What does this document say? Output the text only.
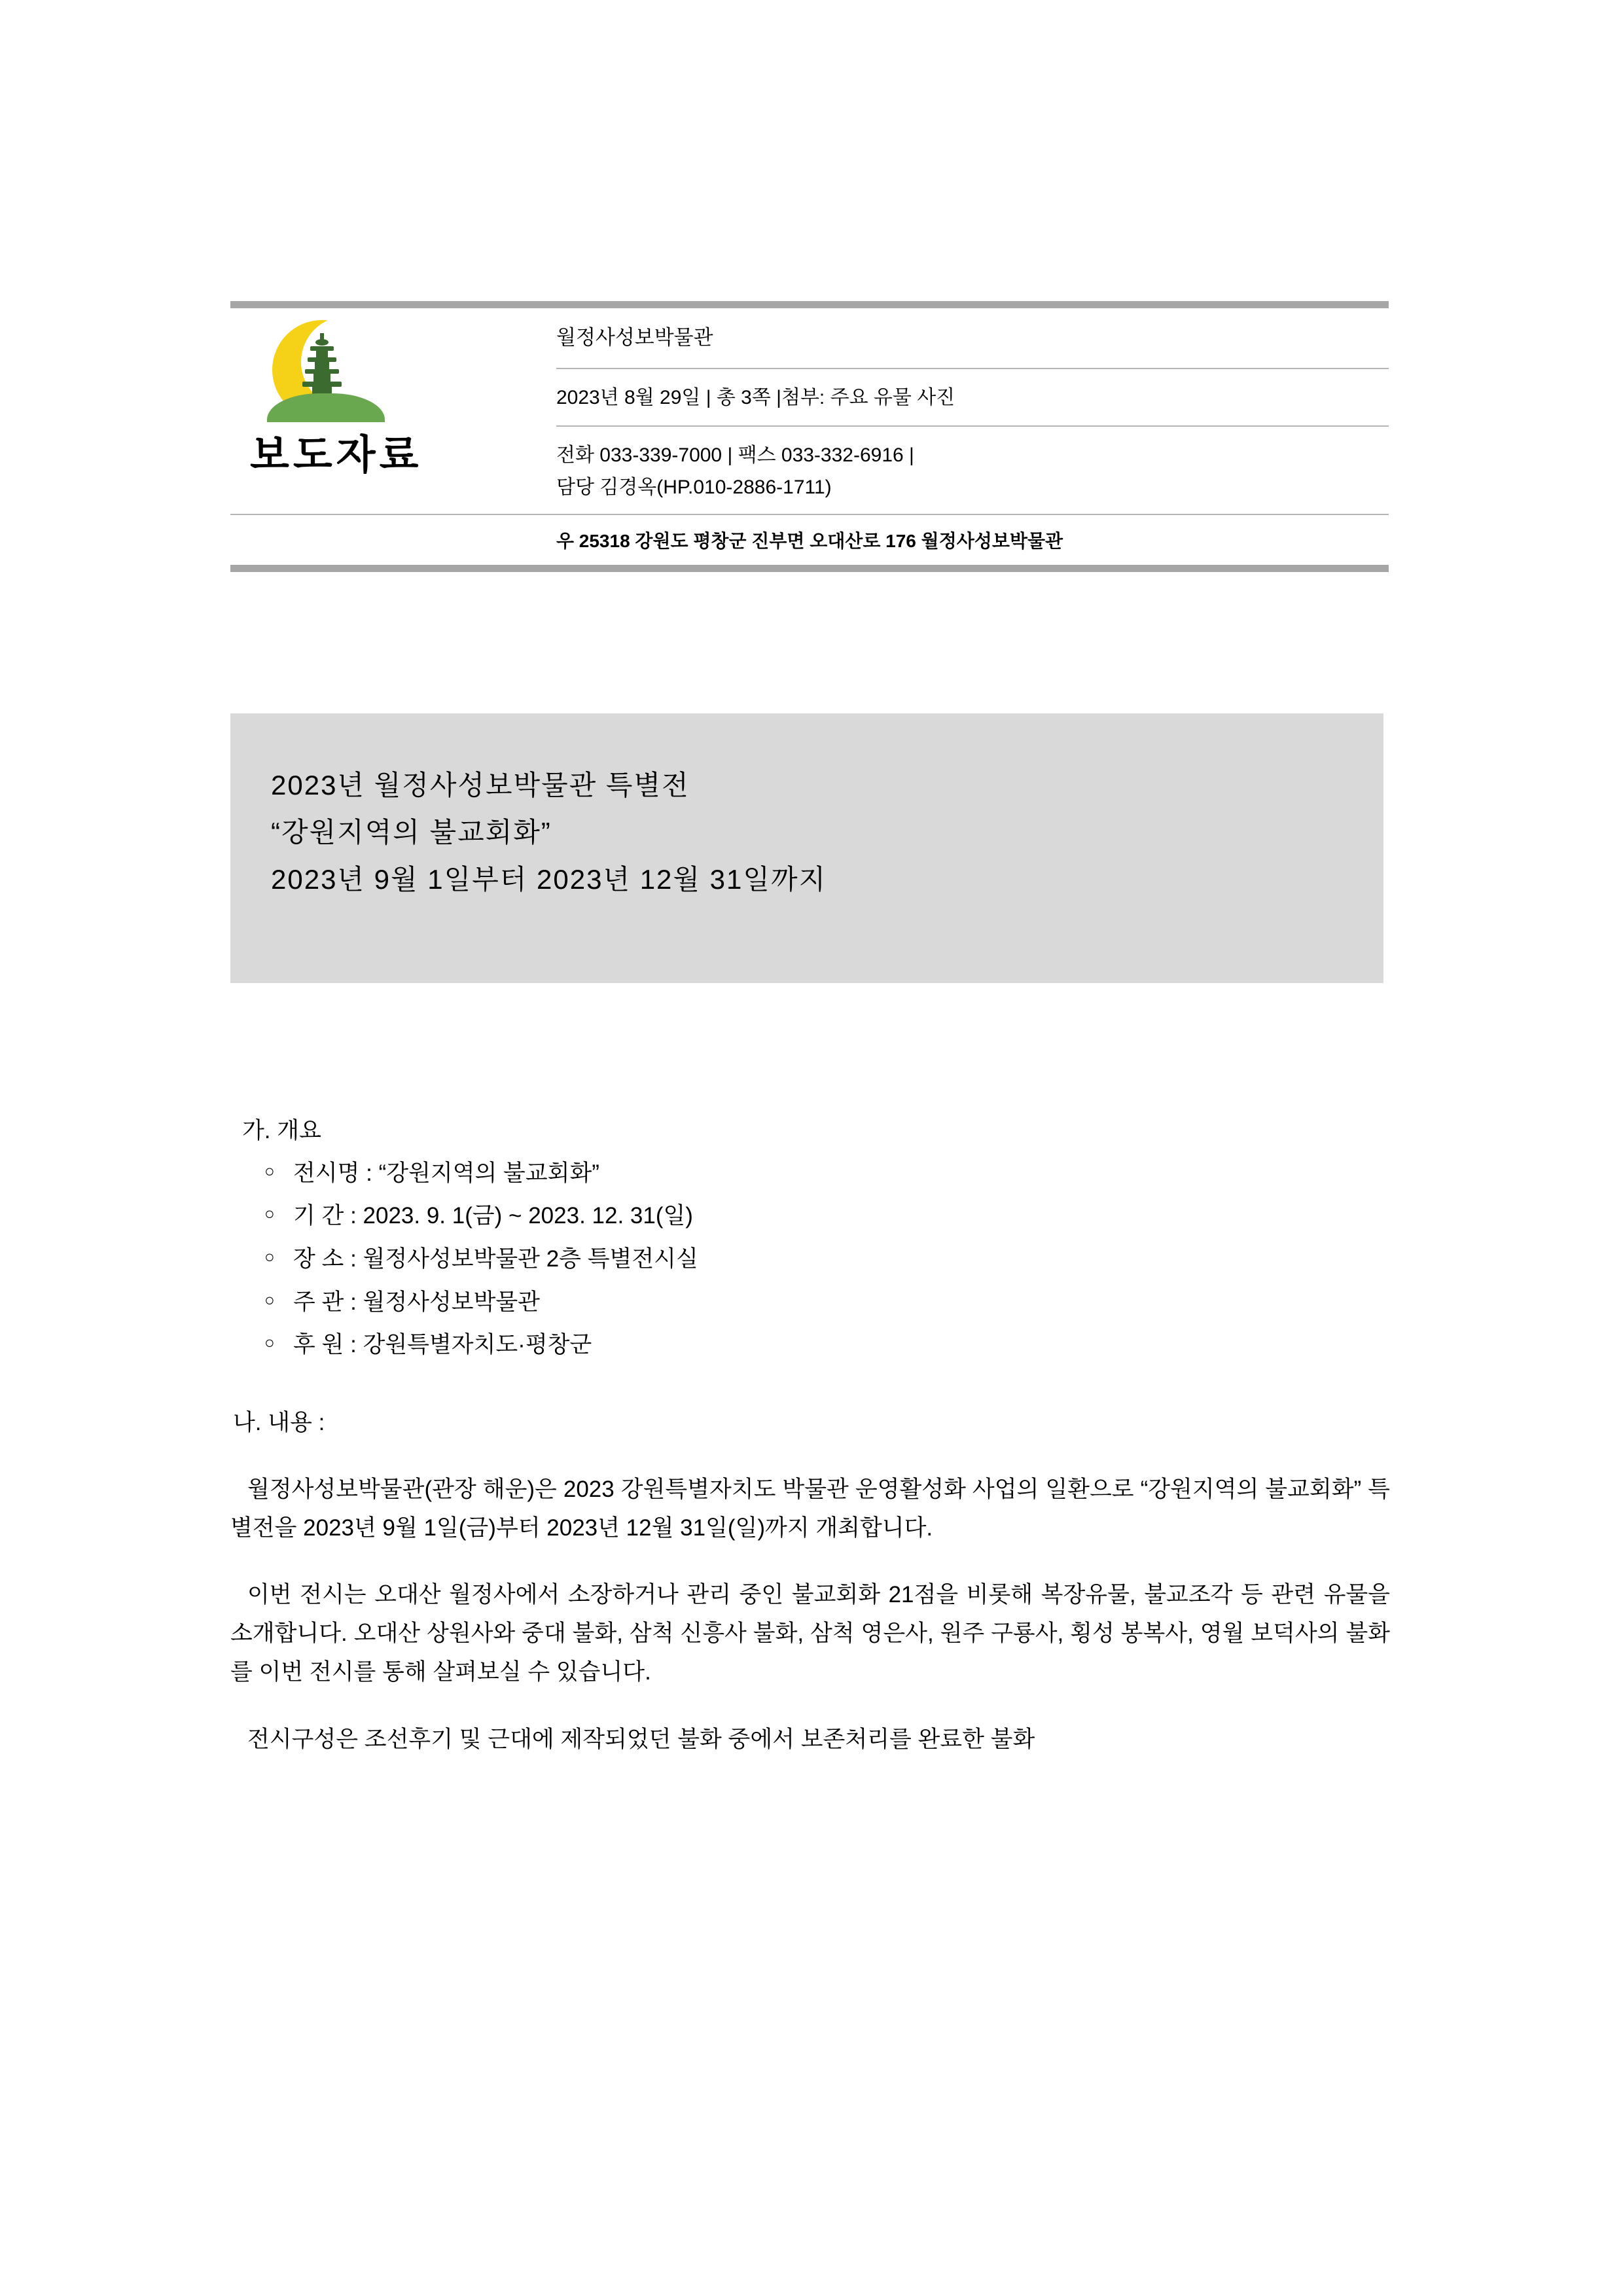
보도자료
월정사성보박물관
2023년 8월 29일 | 총 3쪽 |첨부: 주요 유물 사진
전화 033-339-7000 | 팩스 033-332-6916 |
담당 김경옥(HP.010-2886-1711)
우 25318 강원도 평창군 진부면 오대산로 176 월정사성보박물관
2023년 월정사성보박물관 특별전
“강원지역의 불교회화”
2023년 9월 1일부터 2023년 12월 31일까지
가. 개요
○ 전시명 : “강원지역의 불교회화”
○ 기 간 : 2023. 9. 1(금) ~ 2023. 12. 31(일)
○ 장 소 : 월정사성보박물관 2층 특별전시실
○ 주 관 : 월정사성보박물관
○ 후 원 : 강원특별자치도·평창군
나. 내용 :

월정사성보박물관(관장 해운)은 2023 강원특별자치도 박물관 운영활성화 사업의 일환으로 “강원지역의 불교회화” 특별전을 2023년 9월 1일(금)부터 2023년 12월 31일(일)까지 개최합니다.

이번 전시는 오대산 월정사에서 소장하거나 관리 중인 불교회화 21점을 비롯해 복장유물, 불교조각 등 관련 유물을 소개합니다. 오대산 상원사와 중대 불화, 삼척 신흥사 불화, 삼척 영은사, 원주 구룡사, 횡성 봉복사, 영월 보덕사의 불화를 이번 전시를 통해 살펴보실 수 있습니다.

전시구성은 조선후기 및 근대에 제작되었던 불화 중에서 보존처리를 완료한 불화
